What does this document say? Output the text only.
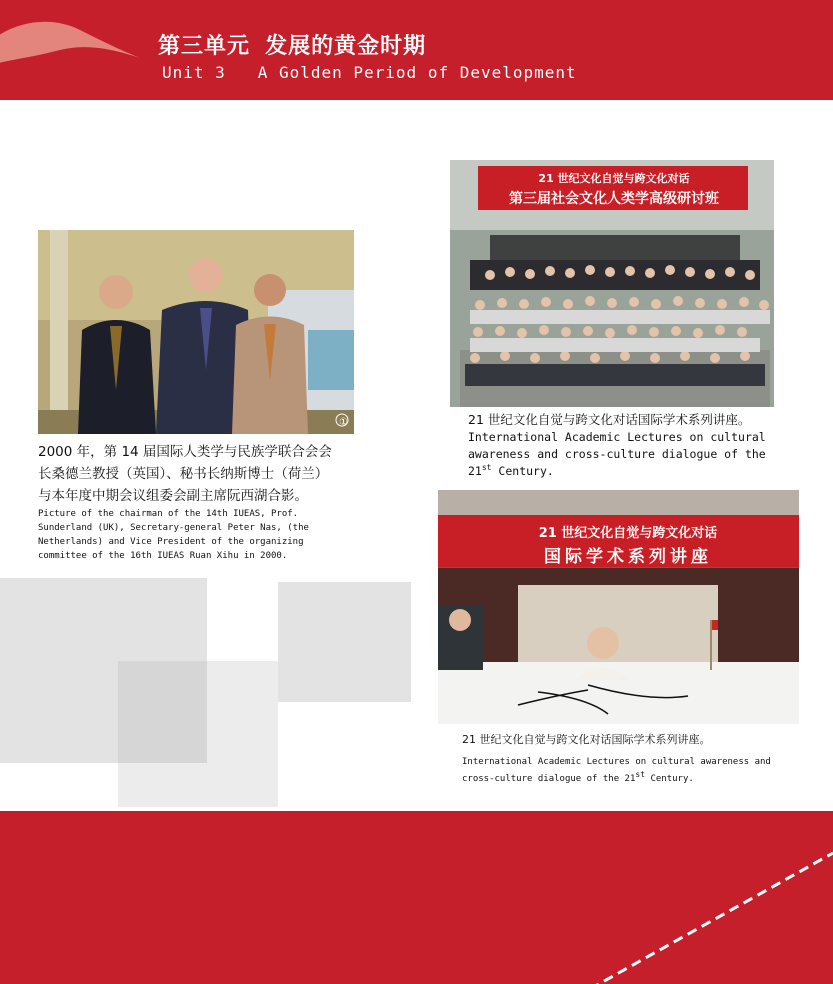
第三单元 发展的黄金时期
Unit 3   A Golden Period of Development
①
2000 年，第 14 届国际人类学与民族学联合会会
长桑德兰教授（英国）、秘书长纳斯博士（荷兰）
与本年度中期会议组委会副主席阮西湖合影。
Picture of the chairman of the 14th IUEAS, Prof.
Sunderland (UK), Secretary-general Peter Nas, (the
Netherlands) and Vice President of the organizing
committee of the 16th IUEAS Ruan Xihu in 2000.
21 世纪文化自觉与跨文化对话
第三届社会文化人类学高级研讨班
21 世纪文化自觉与跨文化对话国际学术系列讲座。
International Academic Lectures on cultural
awareness and cross-culture dialogue of the
21st Century.
21 世纪文化自觉与跨文化对话
国际学术系列讲座
21 世纪文化自觉与跨文化对话国际学术系列讲座。
International Academic Lectures on cultural awareness and
cross-culture dialogue of the 21st Century.
